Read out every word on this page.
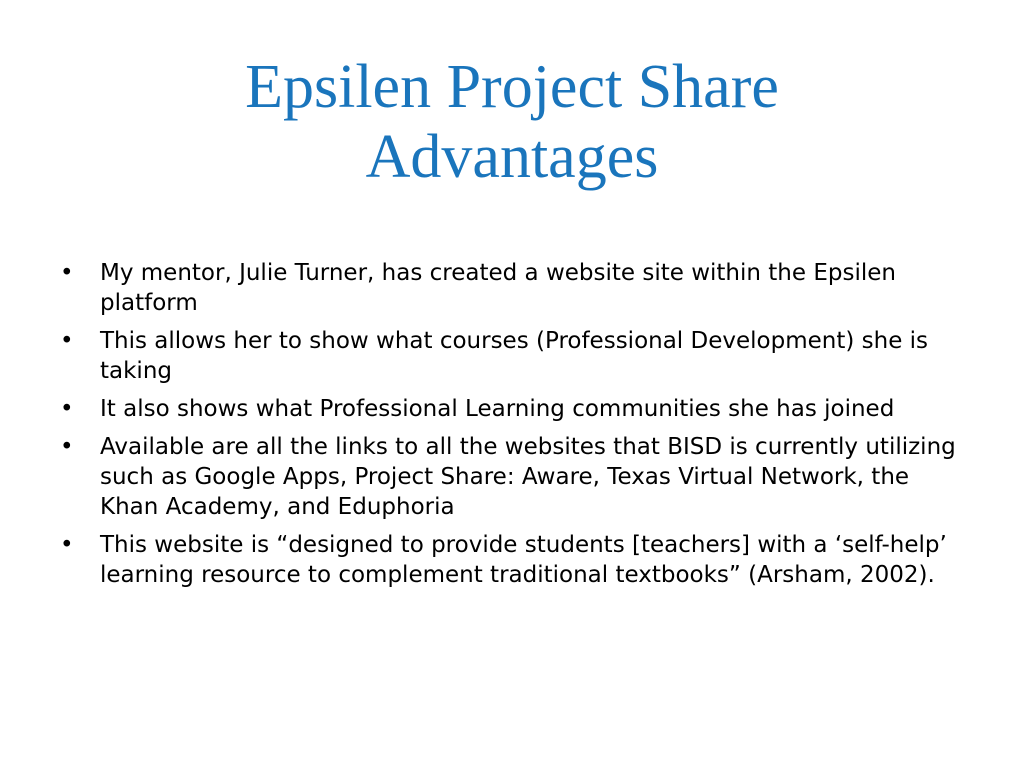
Epsilen Project Share
Advantages
• My mentor, Julie Turner, has created a website site within the Epsilen platform
• This allows her to show what courses (Professional Development) she is taking
• It also shows what Professional Learning communities she has joined
• Available are all the links to all the websites that BISD is currently utilizing such as Google Apps, Project Share: Aware, Texas Virtual Network, the Khan Academy, and Eduphoria
• This website is “designed to provide students [teachers] with a ‘self-help’ learning resource to complement traditional textbooks” (Arsham, 2002).
